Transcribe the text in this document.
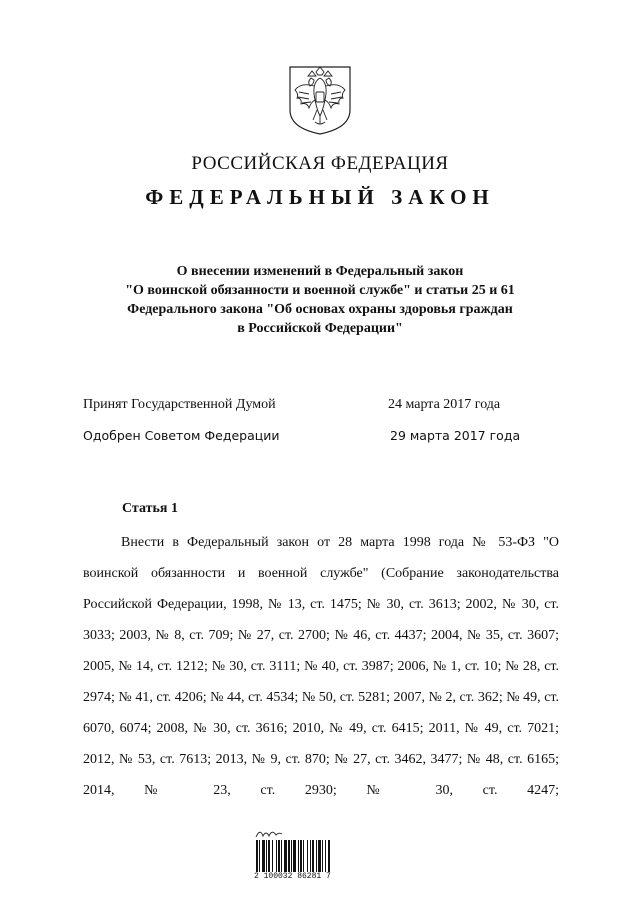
РОССИЙСКАЯ ФЕДЕРАЦИЯ
ФЕДЕРАЛЬНЫЙ ЗАКОН
О внесении изменений в Федеральный закон
"О воинской обязанности и военной службе" и статьи 25 и 61
Федерального закона "Об основах охраны здоровья граждан
в Российской Федерации"
Принят Государственной Думой	24 марта 2017 года
Одобрен Советом Федерации	29 марта 2017 года
Статья 1

Внести в Федеральный закон от 28 марта 1998 года № 53-ФЗ "О воинской обязанности и военной службе" (Собрание законодательства Российской Федерации, 1998, № 13, ст. 1475; № 30, ст. 3613; 2002, № 30, ст. 3033; 2003, № 8, ст. 709; № 27, ст. 2700; № 46, ст. 4437; 2004, № 35, ст. 3607; 2005, № 14, ст. 1212; № 30, ст. 3111; № 40, ст. 3987; 2006, № 1, ст. 10; № 28, ст. 2974; № 41, ст. 4206; № 44, ст. 4534; № 50, ст. 5281; 2007, № 2, ст. 362; № 49, ст. 6070, 6074; 2008, № 30, ст. 3616; 2010, № 49, ст. 6415; 2011, № 49, ст. 7021; 2012, № 53, ст. 7613; 2013, № 9, ст. 870; № 27, ст. 3462, 3477; № 48, ст. 6165; 2014, № 23, ст. 2930; № 30, ст. 4247;

2 100032 86281 7
